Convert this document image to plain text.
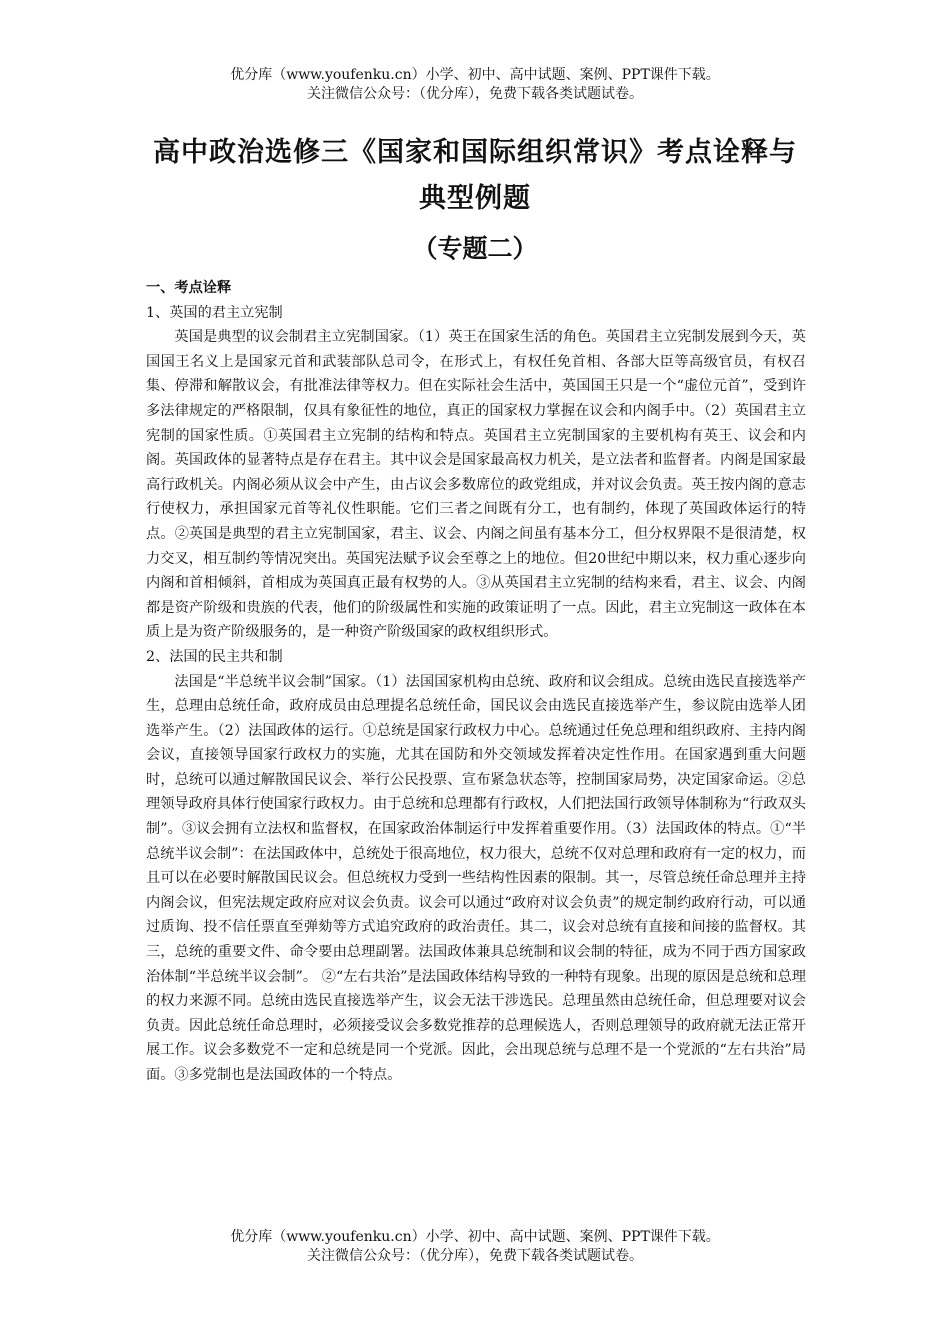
优分库（www.youfenku.cn）小学、初中、高中试题、案例、PPT课件下载。
关注微信公众号：（优分库），免费下载各类试题试卷。
高中政治选修三《国家和国际组织常识》考点诠释与
典型例题
（专题二）

一、考点诠释

1、英国的君主立宪制

英国是典型的议会制君主立宪制国家。（1）英王在国家生活的角色。英国君主立宪制发展到今天，英国国王名义上是国家元首和武装部队总司令，在形式上，有权任免首相、各部大臣等高级官员，有权召集、停滞和解散议会，有批准法律等权力。但在实际社会生活中，英国国王只是一个“虚位元首”，受到许多法律规定的严格限制，仅具有象征性的地位，真正的国家权力掌握在议会和内阁手中。（2）英国君主立宪制的国家性质。①英国君主立宪制的结构和特点。英国君主立宪制国家的主要机构有英王、议会和内阁。英国政体的显著特点是存在君主。其中议会是国家最高权力机关，是立法者和监督者。内阁是国家最高行政机关。内阁必须从议会中产生，由占议会多数席位的政党组成，并对议会负责。英王按内阁的意志行使权力，承担国家元首等礼仪性职能。它们三者之间既有分工，也有制约，体现了英国政体运行的特点。②英国是典型的君主立宪制国家，君主、议会、内阁之间虽有基本分工，但分权界限不是很清楚，权力交叉，相互制约等情况突出。英国宪法赋予议会至尊之上的地位。但20世纪中期以来，权力重心逐步向内阁和首相倾斜，首相成为英国真正最有权势的人。③从英国君主立宪制的结构来看，君主、议会、内阁都是资产阶级和贵族的代表，他们的阶级属性和实施的政策证明了一点。因此，君主立宪制这一政体在本质上是为资产阶级服务的，是一种资产阶级国家的政权组织形式。

2、法国的民主共和制

法国是“半总统半议会制”国家。（1）法国国家机构由总统、政府和议会组成。总统由选民直接选举产生，总理由总统任命，政府成员由总理提名总统任命，国民议会由选民直接选举产生，参议院由选举人团选举产生。（2）法国政体的运行。①总统是国家行政权力中心。总统通过任免总理和组织政府、主持内阁会议，直接领导国家行政权力的实施，尤其在国防和外交领域发挥着决定性作用。在国家遇到重大问题时，总统可以通过解散国民议会、举行公民投票、宣布紧急状态等，控制国家局势，决定国家命运。②总理领导政府具体行使国家行政权力。由于总统和总理都有行政权，人们把法国行政领导体制称为“行政双头制”。③议会拥有立法权和监督权，在国家政治体制运行中发挥着重要作用。（3）法国政体的特点。①“半总统半议会制”：在法国政体中，总统处于很高地位，权力很大，总统不仅对总理和政府有一定的权力，而且可以在必要时解散国民议会。但总统权力受到一些结构性因素的限制。其一，尽管总统任命总理并主持内阁会议，但宪法规定政府应对议会负责。议会可以通过“政府对议会负责”的规定制约政府行动，可以通过质询、投不信任票直至弹劾等方式追究政府的政治责任。其二，议会对总统有直接和间接的监督权。其三，总统的重要文件、命令要由总理副署。法国政体兼具总统制和议会制的特征，成为不同于西方国家政治体制“半总统半议会制”。 ②“左右共治”是法国政体结构导致的一种特有现象。出现的原因是总统和总理的权力来源不同。总统由选民直接选举产生，议会无法干涉选民。总理虽然由总统任命，但总理要对议会负责。因此总统任命总理时，必须接受议会多数党推荐的总理候选人，否则总理领导的政府就无法正常开展工作。议会多数党不一定和总统是同一个党派。因此，会出现总统与总理不是一个党派的“左右共治”局面。③多党制也是法国政体的一个特点。

优分库（www.youfenku.cn）小学、初中、高中试题、案例、PPT课件下载。
关注微信公众号：（优分库），免费下载各类试题试卷。
